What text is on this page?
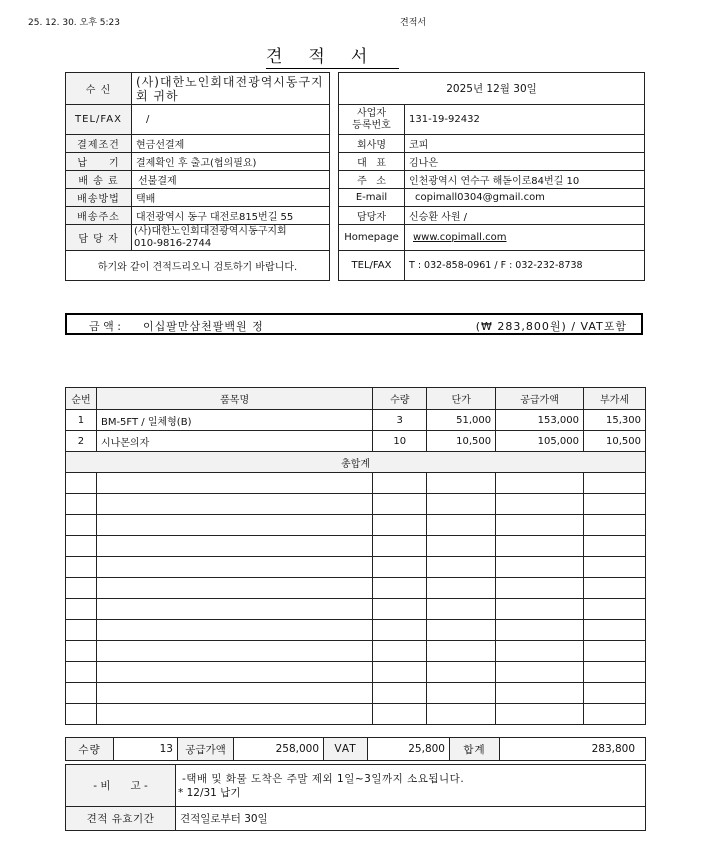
25. 12. 30. 오후 5:23	견적서
견적서
수 신	(사)대한노인회대전광역시동구지회 귀하
TEL/FAX	/
결제조건	현금선결제
납     기	결제확인 후 출고(협의필요)
배 송 료	선불결제
배송방법	택배
배송주소	대전광역시 동구 대전로815번길 55
담 당 자	(사)대한노인회대전광역시동구지회
010-9816-2744

하기와 같이 견적드리오니 검토하기 바랍니다.	
2025년 12월 30일	

사업자
등록번호	131-19-92432
회사명	코피
대   표	김나은
주   소	인천광역시 연수구 해돋이로84번길 10
E-mail	copimall0304@gmail.com
담당자	신승환 사원 /
Homepage	www.copimall.com
TEL/FAX	T : 032-858-0961 / F : 032-232-8738
금 액 : 이십팔만삼천팔백원 정	(₩ 283,800원) / VAT포함
순번	품목명	수량	단가	공급가액	부가세
1	BM-5FT / 일체형(B)	3	51,000	153,000	15,300
2	시나몬의자	10	10,500	105,000	10,500
총합계					

수량	13	공급가액	258,000	VAT	25,800	합계	283,800
- 비      고 -	-택배 및 화물 도착은 주말 제외 1일~3일까지 소요됩니다.
* 12/31 납기

견적 유효기간	견적일로부터 30일
